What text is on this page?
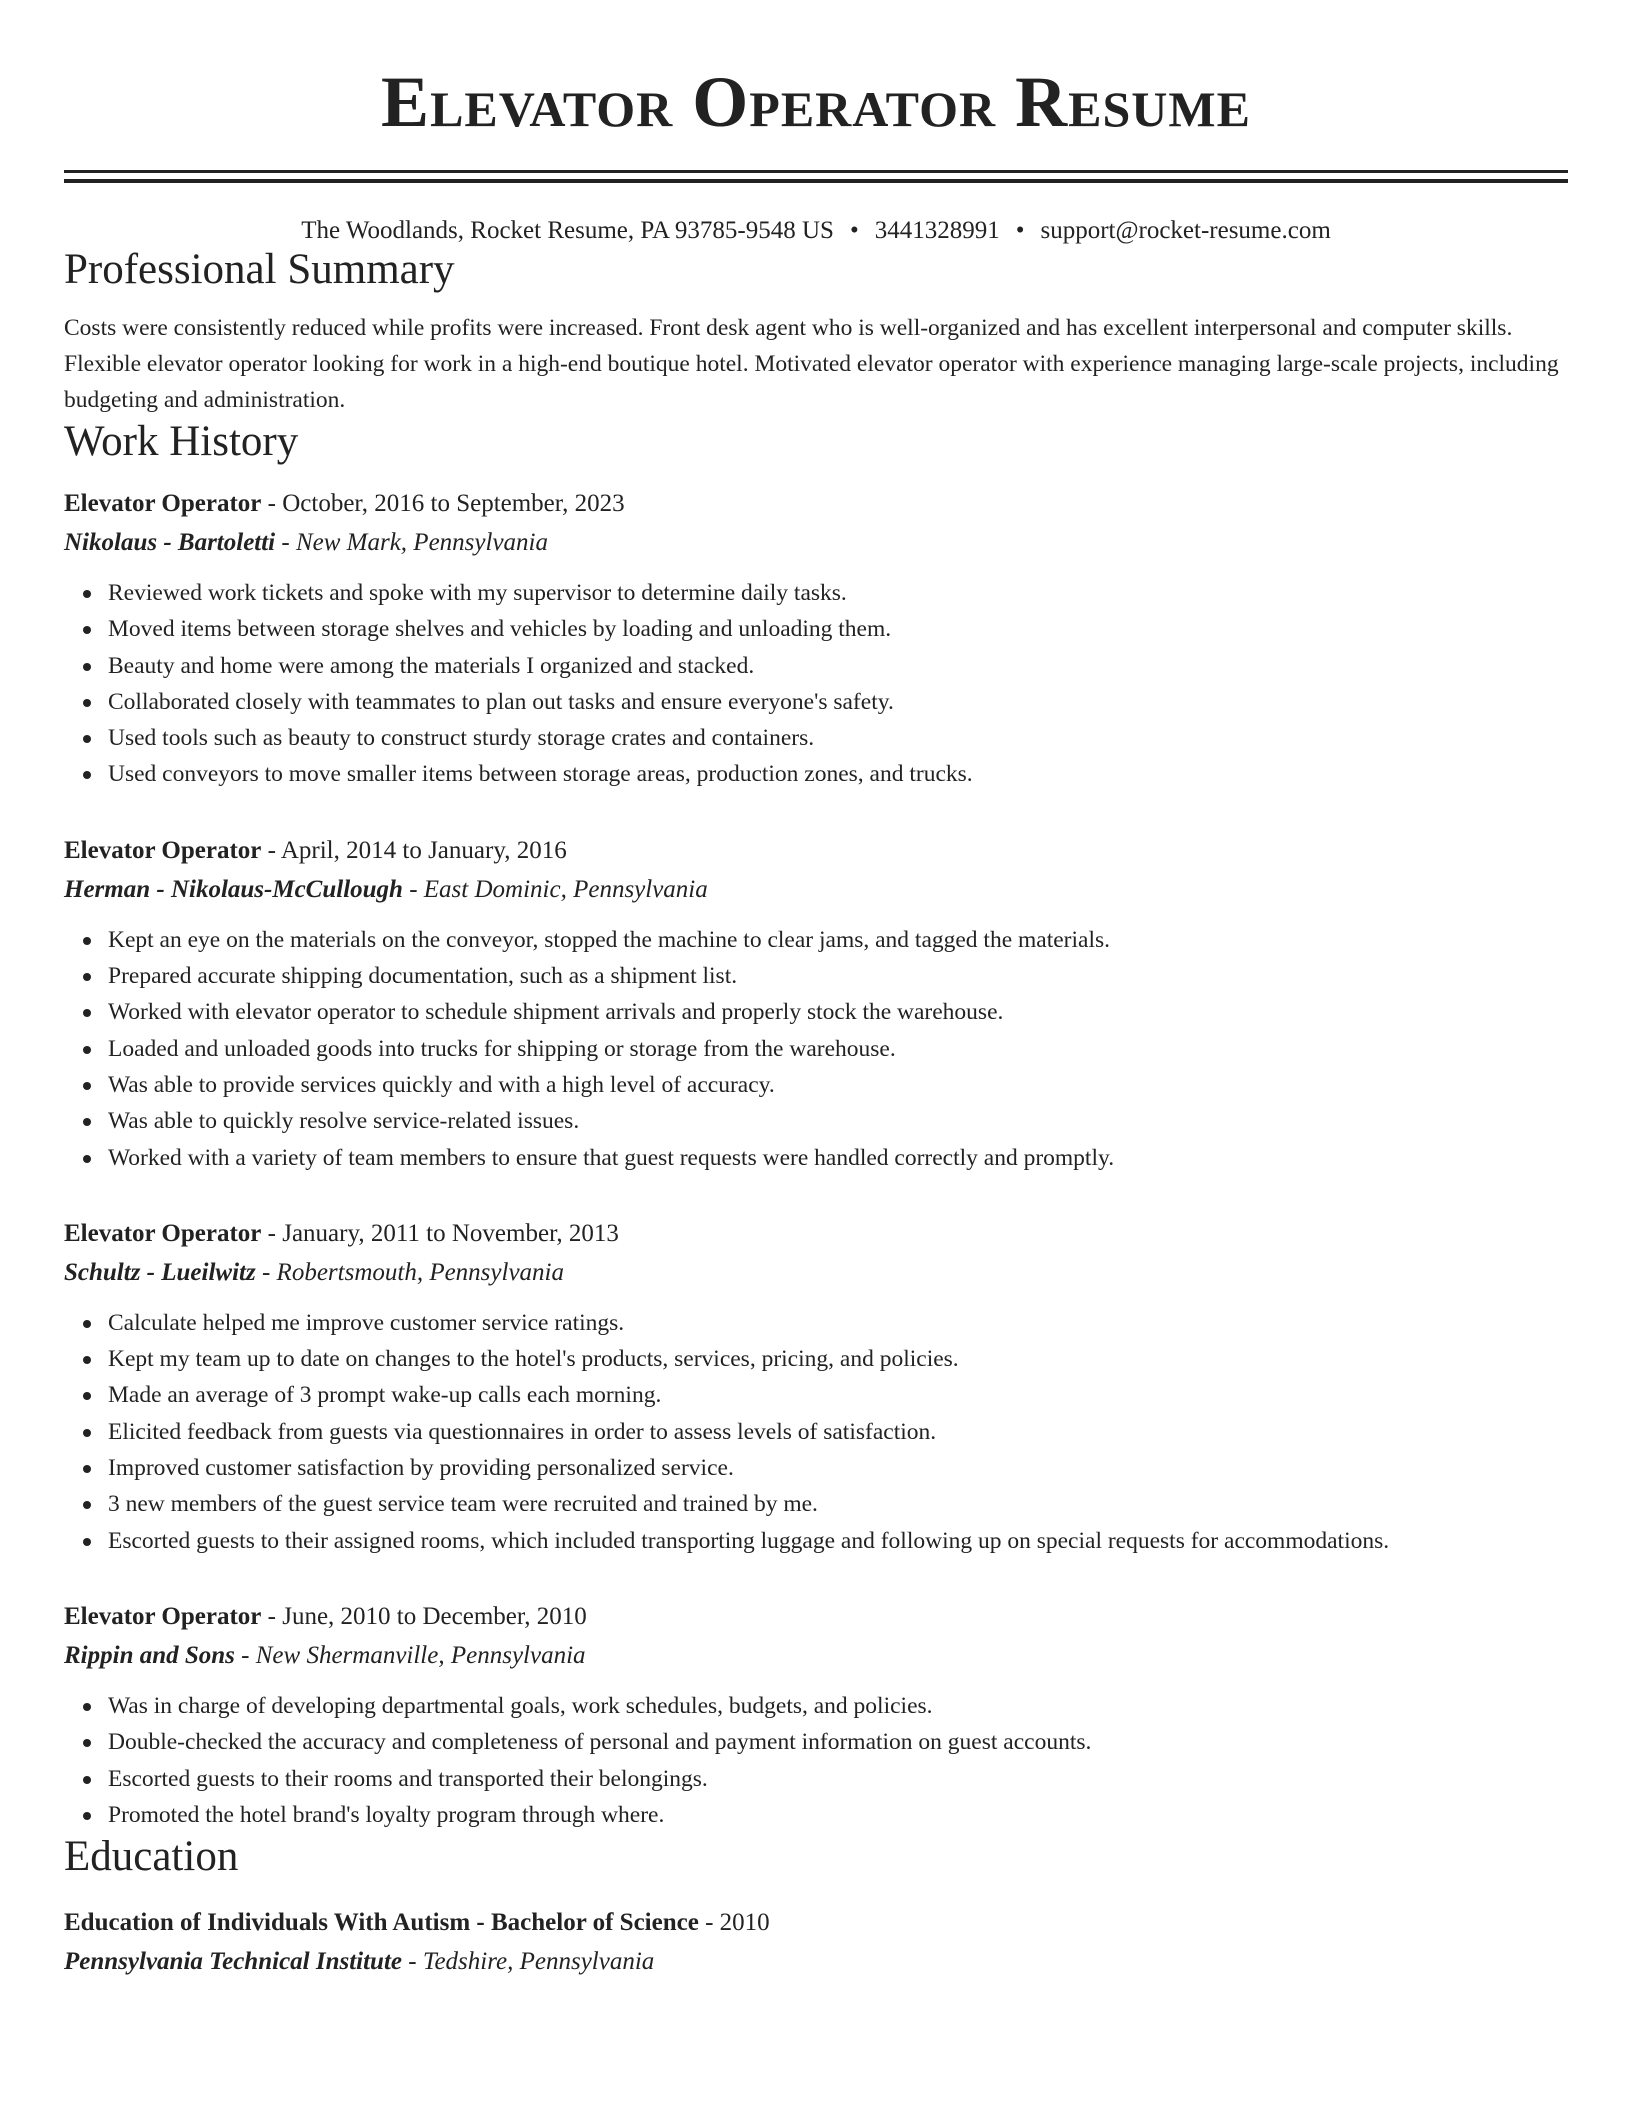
Elevator Operator Resume
The Woodlands, Rocket Resume, PA 93785-9548 US • 3441328991 • support@rocket-resume.com
Professional Summary

Costs were consistently reduced while profits were increased. Front desk agent who is well-organized and has excellent interpersonal and computer skills. Flexible elevator operator looking for work in a high-end boutique hotel. Motivated elevator operator with experience managing large-scale projects, including budgeting and administration.

Work History
Elevator Operator - October, 2016 to September, 2023
Nikolaus - Bartoletti - New Mark, Pennsylvania
Reviewed work tickets and spoke with my supervisor to determine daily tasks.
Moved items between storage shelves and vehicles by loading and unloading them.
Beauty and home were among the materials I organized and stacked.
Collaborated closely with teammates to plan out tasks and ensure everyone's safety.
Used tools such as beauty to construct sturdy storage crates and containers.
Used conveyors to move smaller items between storage areas, production zones, and trucks.
Elevator Operator - April, 2014 to January, 2016
Herman - Nikolaus-McCullough - East Dominic, Pennsylvania
Kept an eye on the materials on the conveyor, stopped the machine to clear jams, and tagged the materials.
Prepared accurate shipping documentation, such as a shipment list.
Worked with elevator operator to schedule shipment arrivals and properly stock the warehouse.
Loaded and unloaded goods into trucks for shipping or storage from the warehouse.
Was able to provide services quickly and with a high level of accuracy.
Was able to quickly resolve service-related issues.
Worked with a variety of team members to ensure that guest requests were handled correctly and promptly.
Elevator Operator - January, 2011 to November, 2013
Schultz - Lueilwitz - Robertsmouth, Pennsylvania
Calculate helped me improve customer service ratings.
Kept my team up to date on changes to the hotel's products, services, pricing, and policies.
Made an average of 3 prompt wake-up calls each morning.
Elicited feedback from guests via questionnaires in order to assess levels of satisfaction.
Improved customer satisfaction by providing personalized service.
3 new members of the guest service team were recruited and trained by me.
Escorted guests to their assigned rooms, which included transporting luggage and following up on special requests for accommodations.
Elevator Operator - June, 2010 to December, 2010
Rippin and Sons - New Shermanville, Pennsylvania
Was in charge of developing departmental goals, work schedules, budgets, and policies.
Double-checked the accuracy and completeness of personal and payment information on guest accounts.
Escorted guests to their rooms and transported their belongings.
Promoted the hotel brand's loyalty program through where.
Education
Education of Individuals With Autism - Bachelor of Science - 2010
Pennsylvania Technical Institute - Tedshire, Pennsylvania
